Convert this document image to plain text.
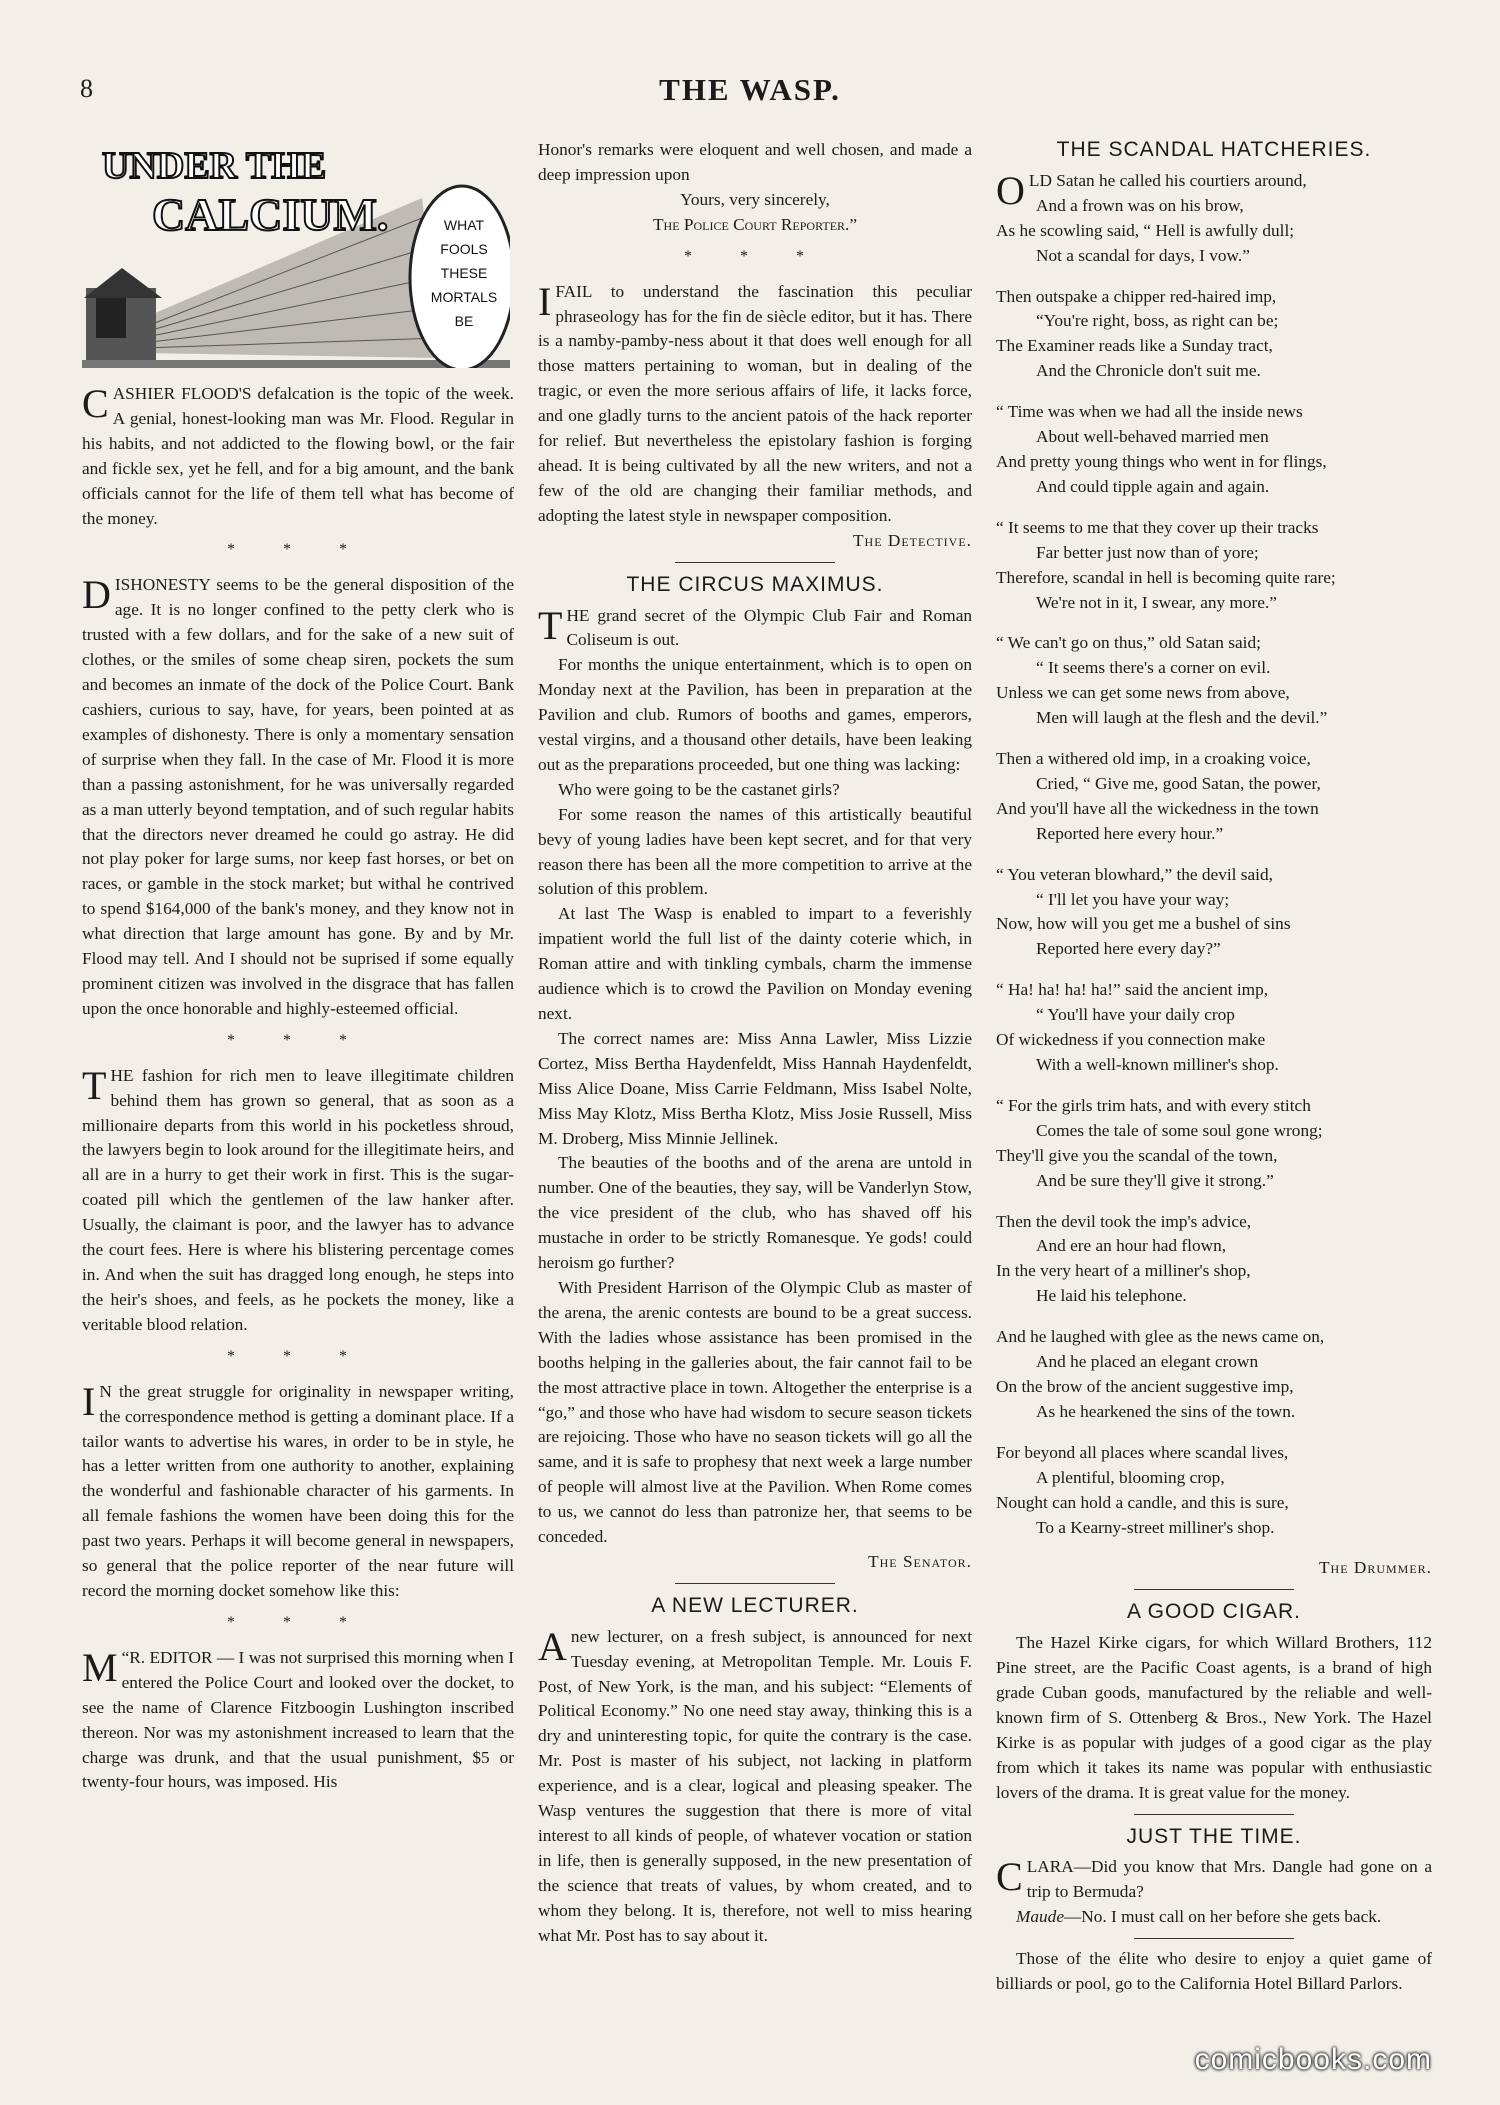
8	THE WASP.
UNDER THE
CALCIUM.	WHAT
FOOLS
THESE
MORTALS
BE
CASHIER FLOOD'S defalcation is the topic of the week. A genial, honest-looking man was Mr. Flood. Regular in his habits, and not addicted to the flowing bowl, or the fair and fickle sex, yet he fell, and for a big amount, and the bank officials cannot for the life of them tell what has become of the money.
* * *
DISHONESTY seems to be the general disposition of the age. It is no longer confined to the petty clerk who is trusted with a few dollars, and for the sake of a new suit of clothes, or the smiles of some cheap siren, pockets the sum and becomes an inmate of the dock of the Police Court. Bank cashiers, curious to say, have, for years, been pointed at as examples of dishonesty. There is only a momentary sensation of surprise when they fall. In the case of Mr. Flood it is more than a passing astonishment, for he was universally regarded as a man utterly beyond temptation, and of such regular habits that the directors never dreamed he could go astray. He did not play poker for large sums, nor keep fast horses, or bet on races, or gamble in the stock market; but withal he contrived to spend $164,000 of the bank's money, and they know not in what direction that large amount has gone. By and by Mr. Flood may tell. And I should not be suprised if some equally prominent citizen was involved in the disgrace that has fallen upon the once honorable and highly-esteemed official.
* * *
THE fashion for rich men to leave illegitimate children behind them has grown so general, that as soon as a millionaire departs from this world in his pocketless shroud, the lawyers begin to look around for the illegitimate heirs, and all are in a hurry to get their work in first. This is the sugar-coated pill which the gentlemen of the law hanker after. Usually, the claimant is poor, and the lawyer has to advance the court fees. Here is where his blistering percentage comes in. And when the suit has dragged long enough, he steps into the heir's shoes, and feels, as he pockets the money, like a veritable blood relation.
* * *
I N the great struggle for originality in newspaper writing, the correspondence method is getting a dominant place. If a tailor wants to advertise his wares, in order to be in style, he has a letter written from one authority to another, explaining the wonderful and fashionable character of his garments. In all female fashions the women have been doing this for the past two years. Perhaps it will become general in newspapers, so general that the police reporter of the near future will record the morning docket somehow like this:
* * *
“
M R. EDITOR — I was not surprised this morning when I entered the Police Court and looked over the docket, to see the name of Clarence Fitzboogin Lushington inscribed thereon. Nor was my astonishment increased to learn that the charge was drunk, and that the usual punishment, $5 or twenty-four hours, was imposed. His
Honor's remarks were eloquent and well chosen, and made a deep impression upon
Yours, very sincerely,
The Police Court Reporter.”
* * *
IFAIL to understand the fascination this peculiar phraseology has for the fin de siècle editor, but it has. There is a namby-pamby-ness about it that does well enough for all those matters pertaining to woman, but in dealing of the tragic, or even the more serious affairs of life, it lacks force, and one gladly turns to the ancient patois of the hack reporter for relief. But nevertheless the epistolary fashion is forging ahead. It is being cultivated by all the new writers, and not a few of the old are changing their familiar methods, and adopting the latest style in newspaper composition.
The Detective.
THE CIRCUS MAXIMUS.
THE grand secret of the Olympic Club Fair and Roman Coliseum is out.

For months the unique entertainment, which is to open on Monday next at the Pavilion, has been in preparation at the Pavilion and club. Rumors of booths and games, emperors, vestal virgins, and a thousand other details, have been leaking out as the preparations proceeded, but one thing was lacking:

Who were going to be the castanet girls?

For some reason the names of this artistically beautiful bevy of young ladies have been kept secret, and for that very reason there has been all the more competition to arrive at the solution of this problem.

At last The Wasp is enabled to impart to a feverishly impatient world the full list of the dainty coterie which, in Roman attire and with tinkling cymbals, charm the immense audience which is to crowd the Pavilion on Monday evening next.

The correct names are: Miss Anna Lawler, Miss Lizzie Cortez, Miss Bertha Haydenfeldt, Miss Hannah Haydenfeldt, Miss Alice Doane, Miss Carrie Feldmann, Miss Isabel Nolte, Miss May Klotz, Miss Bertha Klotz, Miss Josie Russell, Miss M. Droberg, Miss Minnie Jellinek.

The beauties of the booths and of the arena are untold in number. One of the beauties, they say, will be Vanderlyn Stow, the vice president of the club, who has shaved off his mustache in order to be strictly Romanesque. Ye gods! could heroism go further?

With President Harrison of the Olympic Club as master of the arena, the arenic contests are bound to be a great success. With the ladies whose assistance has been promised in the booths helping in the galleries about, the fair cannot fail to be the most attractive place in town. Altogether the enterprise is a “go,” and those who have had wisdom to secure season tickets are rejoicing. Those who have no season tickets will go all the same, and it is safe to prophesy that next week a large number of people will almost live at the Pavilion. When Rome comes to us, we cannot do less than patronize her, that seems to be conceded.

The Senator.
A NEW LECTURER.
Anew lecturer, on a fresh subject, is announced for next Tuesday evening, at Metropolitan Temple. Mr. Louis F. Post, of New York, is the man, and his subject: “Elements of Political Economy.” No one need stay away, thinking this is a dry and uninteresting topic, for quite the contrary is the case. Mr. Post is master of his subject, not lacking in platform experience, and is a clear, logical and pleasing speaker. The Wasp ventures the suggestion that there is more of vital interest to all kinds of people, of whatever vocation or station in life, then is generally supposed, in the new presentation of the science that treats of values, by whom created, and to whom they belong. It is, therefore, not well to miss hearing what Mr. Post has to say about it.
THE SCANDAL HATCHERIES.
OLD Satan he called his courtiers around,
And a frown was on his brow,
As he scowling said, “ Hell is awfully dull;
Not a scandal for days, I vow.”
Then outspake a chipper red-haired imp,
“You're right, boss, as right can be;
The Examiner reads like a Sunday tract,
And the Chronicle don't suit me.
“ Time was when we had all the inside news
About well-behaved married men
And pretty young things who went in for flings,
And could tipple again and again.
“ It seems to me that they cover up their tracks
Far better just now than of yore;
Therefore, scandal in hell is becoming quite rare;
We're not in it, I swear, any more.”
“ We can't go on thus,” old Satan said;
“ It seems there's a corner on evil.
Unless we can get some news from above,
Men will laugh at the flesh and the devil.”
Then a withered old imp, in a croaking voice,
Cried, “ Give me, good Satan, the power,
And you'll have all the wickedness in the town
Reported here every hour.”
“ You veteran blowhard,” the devil said,
“ I'll let you have your way;
Now, how will you get me a bushel of sins
Reported here every day?”
“ Ha! ha! ha! ha!” said the ancient imp,
“ You'll have your daily crop
Of wickedness if you connection make
With a well-known milliner's shop.
“ For the girls trim hats, and with every stitch
Comes the tale of some soul gone wrong;
They'll give you the scandal of the town,
And be sure they'll give it strong.”
Then the devil took the imp's advice,
And ere an hour had flown,
In the very heart of a milliner's shop,
He laid his telephone.
And he laughed with glee as the news came on,
And he placed an elegant crown
On the brow of the ancient suggestive imp,
As he hearkened the sins of the town.
For beyond all places where scandal lives,
A plentiful, blooming crop,
Nought can hold a candle, and this is sure,
To a Kearny-street milliner's shop.
The Drummer.
A GOOD CIGAR.

The Hazel Kirke cigars, for which Willard Brothers, 112 Pine street, are the Pacific Coast agents, is a brand of high grade Cuban goods, manufactured by the reliable and well-known firm of S. Ottenberg & Bros., New York. The Hazel Kirke is as popular with judges of a good cigar as the play from which it takes its name was popular with enthusiastic lovers of the drama. It is great value for the money.

JUST THE TIME.
CLARA—Did you know that Mrs. Dangle had gone on a trip to Bermuda?
Maude—No. I must call on her before she gets back.

Those of the élite who desire to enjoy a quiet game of billiards or pool, go to the California Hotel Billard Parlors.

comicbooks.com
